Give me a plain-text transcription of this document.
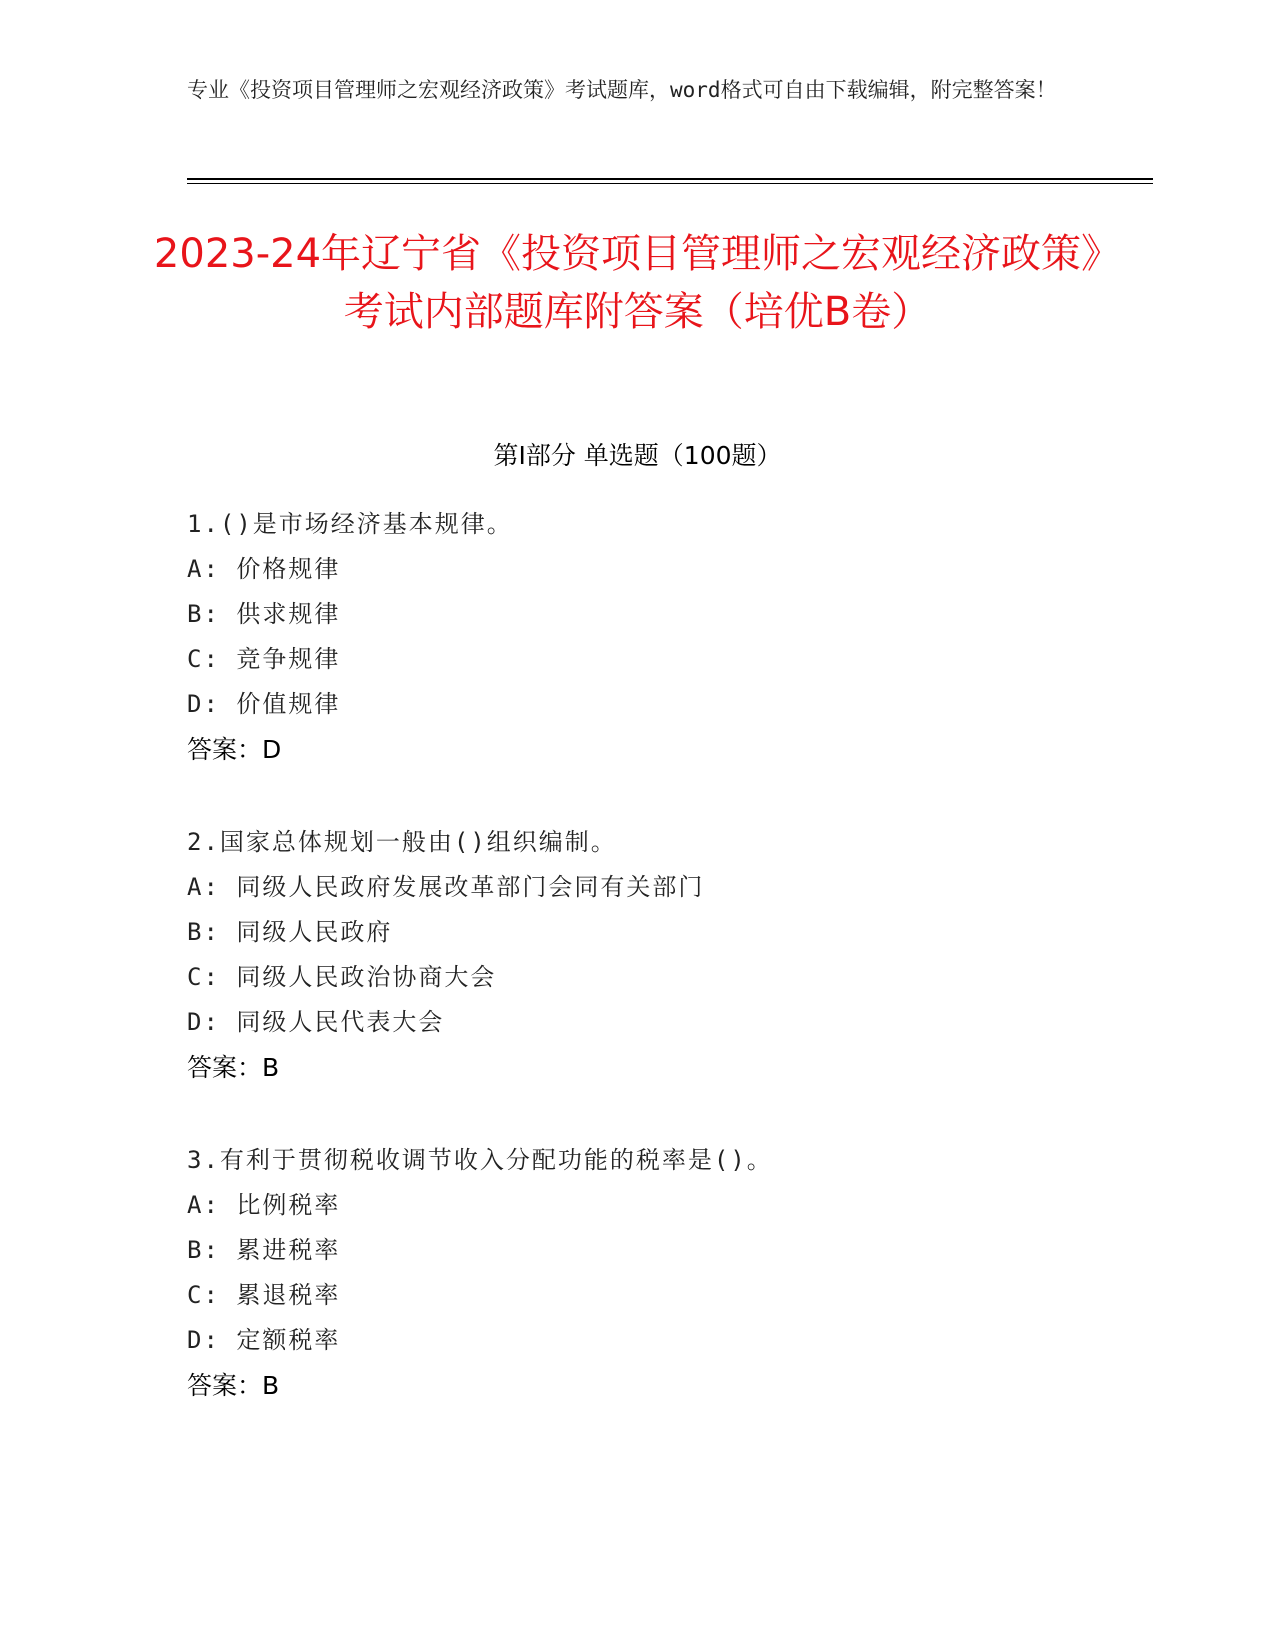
专业《投资项目管理师之宏观经济政策》考试题库，word格式可自由下载编辑，附完整答案！
2023-24年辽宁省《投资项目管理师之宏观经济政策》考试内部题库附答案（培优B卷）
第Ⅰ部分 单选题（100题）
1.()是市场经济基本规律。
A: 价格规律
B: 供求规律
C: 竞争规律
D: 价值规律
答案：D
2.国家总体规划一般由()组织编制。
A: 同级人民政府发展改革部门会同有关部门
B: 同级人民政府
C: 同级人民政治协商大会
D: 同级人民代表大会
答案：B
3.有利于贯彻税收调节收入分配功能的税率是()。
A: 比例税率
B: 累进税率
C: 累退税率
D: 定额税率
答案：B
